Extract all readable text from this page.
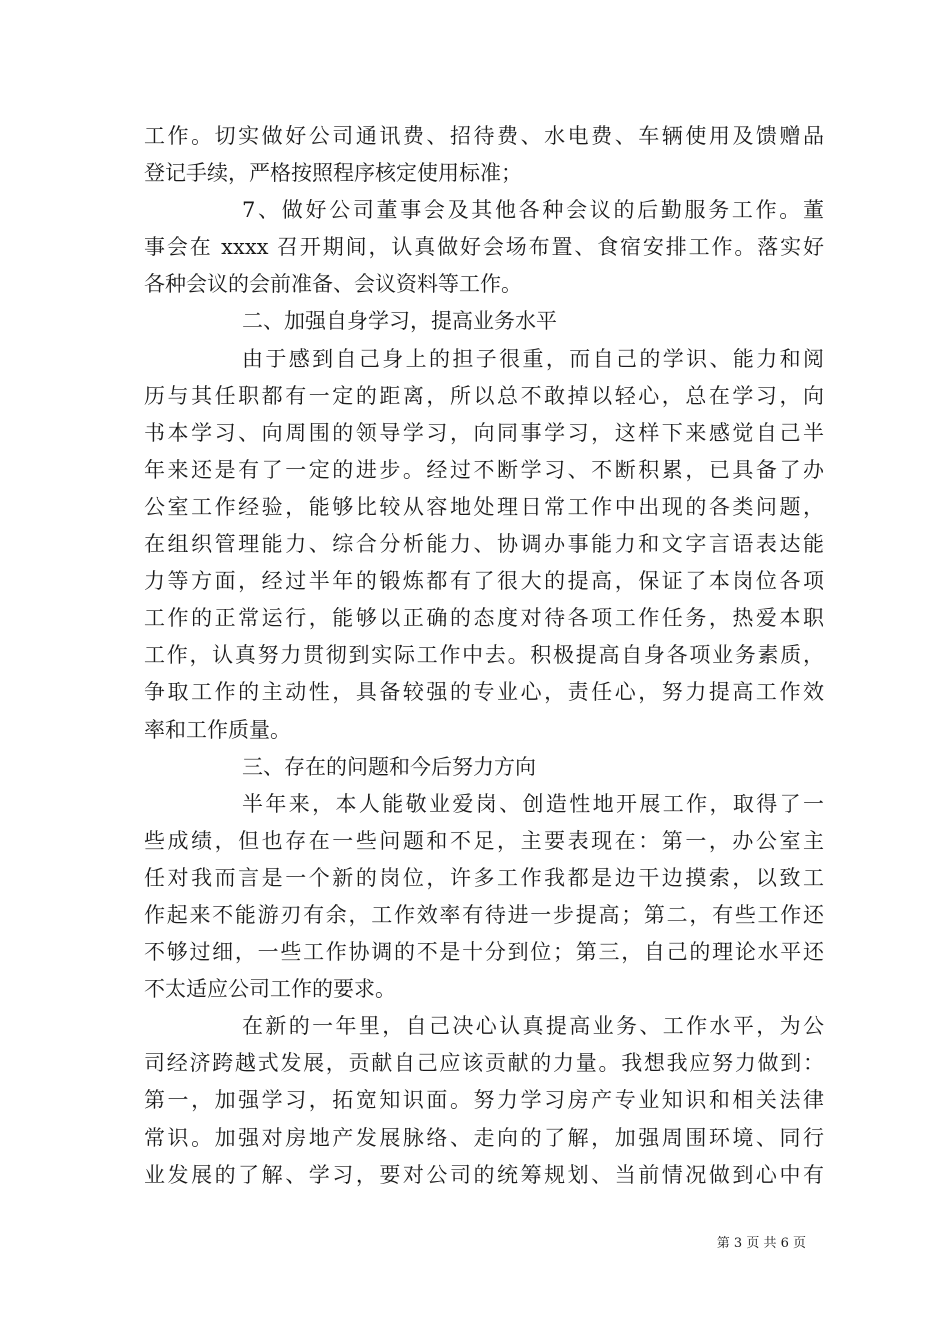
工作。切实做好公司通讯费、招待费、水电费、车辆使用及馈赠品
登记手续，严格按照程序核定使用标准；
7、做好公司董事会及其他各种会议的后勤服务工作。董
事会在 xxxx 召开期间，认真做好会场布置、食宿安排工作。落实好
各种会议的会前准备、会议资料等工作。
二、加强自身学习，提高业务水平
由于感到自己身上的担子很重，而自己的学识、能力和阅
历与其任职都有一定的距离，所以总不敢掉以轻心，总在学习，向
书本学习、向周围的领导学习，向同事学习，这样下来感觉自己半
年来还是有了一定的进步。经过不断学习、不断积累，已具备了办
公室工作经验，能够比较从容地处理日常工作中出现的各类问题，
在组织管理能力、综合分析能力、协调办事能力和文字言语表达能
力等方面，经过半年的锻炼都有了很大的提高，保证了本岗位各项
工作的正常运行，能够以正确的态度对待各项工作任务，热爱本职
工作，认真努力贯彻到实际工作中去。积极提高自身各项业务素质，
争取工作的主动性，具备较强的专业心，责任心，努力提高工作效
率和工作质量。
三、存在的问题和今后努力方向
半年来，本人能敬业爱岗、创造性地开展工作，取得了一
些成绩，但也存在一些问题和不足，主要表现在：第一，办公室主
任对我而言是一个新的岗位，许多工作我都是边干边摸索，以致工
作起来不能游刃有余，工作效率有待进一步提高；第二，有些工作还
不够过细，一些工作协调的不是十分到位；第三，自己的理论水平还
不太适应公司工作的要求。
在新的一年里，自己决心认真提高业务、工作水平，为公
司经济跨越式发展，贡献自己应该贡献的力量。我想我应努力做到：
第一，加强学习，拓宽知识面。努力学习房产专业知识和相关法律
常识。加强对房地产发展脉络、走向的了解，加强周围环境、同行
业发展的了解、学习，要对公司的统筹规划、当前情况做到心中有
第 3 页 共 6 页
